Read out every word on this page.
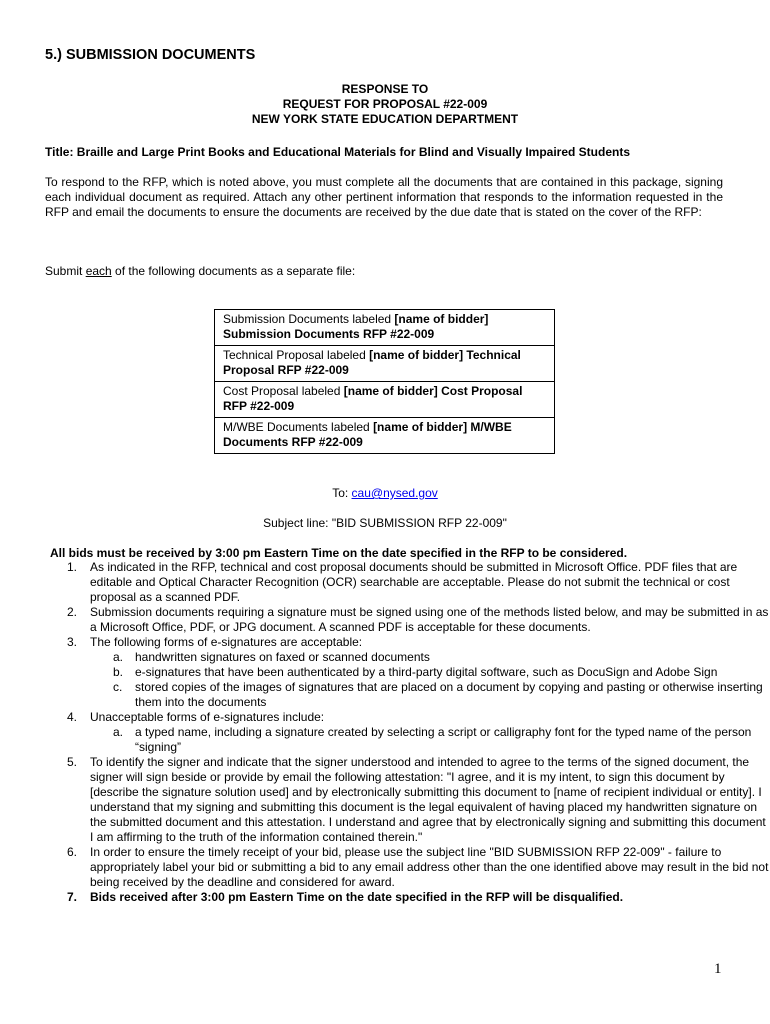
5.) SUBMISSION DOCUMENTS
RESPONSE TO
REQUEST FOR PROPOSAL #22-009
NEW YORK STATE EDUCATION DEPARTMENT
Title: Braille and Large Print Books and Educational Materials for Blind and Visually Impaired Students
To respond to the RFP, which is noted above, you must complete all the documents that are contained in this package, signing each individual document as required. Attach any other pertinent information that responds to the information requested in the RFP and email the documents to ensure the documents are received by the due date that is stated on the cover of the RFP:
Submit each of the following documents as a separate file:
Submission Documents labeled [name of bidder] Submission Documents RFP #22-009
Technical Proposal labeled [name of bidder] Technical Proposal RFP #22-009
Cost Proposal labeled [name of bidder] Cost Proposal RFP #22-009
M/WBE Documents labeled [name of bidder] M/WBE Documents RFP #22-009
To: cau@nysed.gov
Subject line: "BID SUBMISSION RFP 22-009"
All bids must be received by 3:00 pm Eastern Time on the date specified in the RFP to be considered.
1. As indicated in the RFP, technical and cost proposal documents should be submitted in Microsoft Office. PDF files that are editable and Optical Character Recognition (OCR) searchable are acceptable. Please do not submit the technical or cost proposal as a scanned PDF.
2. Submission documents requiring a signature must be signed using one of the methods listed below, and may be submitted in as a Microsoft Office, PDF, or JPG document. A scanned PDF is acceptable for these documents.
3. The following forms of e-signatures are acceptable:
a. handwritten signatures on faxed or scanned documents
b. e-signatures that have been authenticated by a third-party digital software, such as DocuSign and Adobe Sign
c. stored copies of the images of signatures that are placed on a document by copying and pasting or otherwise inserting them into the documents
4. Unacceptable forms of e-signatures include:
a. a typed name, including a signature created by selecting a script or calligraphy font for the typed name of the person “signing”
5. To identify the signer and indicate that the signer understood and intended to agree to the terms of the signed document, the signer will sign beside or provide by email the following attestation: "I agree, and it is my intent, to sign this document by [describe the signature solution used] and by electronically submitting this document to [name of recipient individual or entity]. I understand that my signing and submitting this document is the legal equivalent of having placed my handwritten signature on the submitted document and this attestation. I understand and agree that by electronically signing and submitting this document I am affirming to the truth of the information contained therein."
6. In order to ensure the timely receipt of your bid, please use the subject line "BID SUBMISSION RFP 22-009" - failure to appropriately label your bid or submitting a bid to any email address other than the one identified above may result in the bid not being received by the deadline and considered for award.
7. Bids received after 3:00 pm Eastern Time on the date specified in the RFP will be disqualified.
1
